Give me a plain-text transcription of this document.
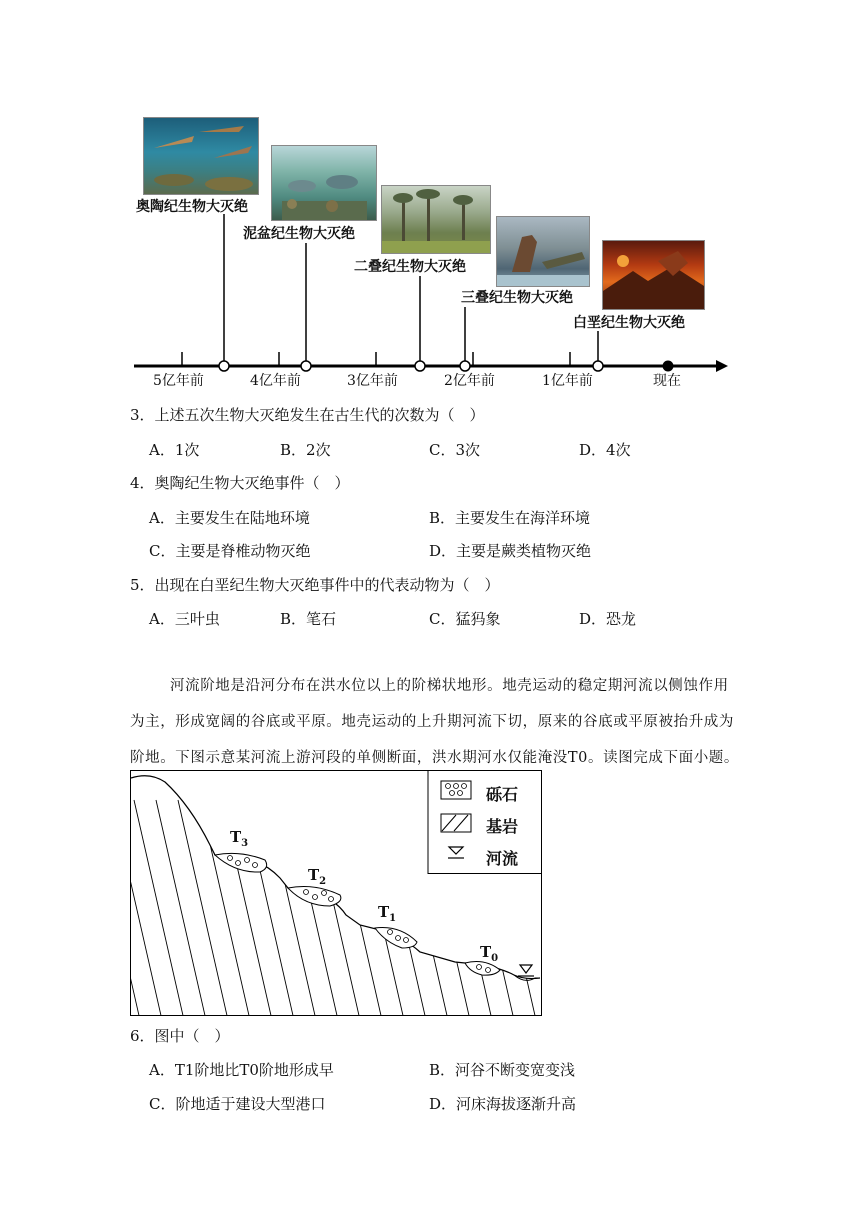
奥陶纪生物大灭绝
泥盆纪生物大灭绝
二叠纪生物大灭绝
三叠纪生物大灭绝
白垩纪生物大灭绝
5亿年前	4亿年前	3亿年前	2亿年前	1亿年前	现在
3．上述五次生物大灭绝发生在古生代的次数为（　）
A．1次	B．2次	C．3次	D．4次
4．奥陶纪生物大灭绝事件（　）
A．主要发生在陆地环境	B．主要发生在海洋环境
C．主要是脊椎动物灭绝	D．主要是蕨类植物灭绝
5．出现在白垩纪生物大灭绝事件中的代表动物为（　）
A．三叶虫	B．笔石	C．猛犸象	D．恐龙
河流阶地是沿河分布在洪水位以上的阶梯状地形。地壳运动的稳定期河流以侧蚀作用
为主，形成宽阔的谷底或平原。地壳运动的上升期河流下切，原来的谷底或平原被抬升成为
阶地。下图示意某河流上游河段的单侧断面，洪水期河水仅能淹没T0。读图完成下面小题。
砾石
基岩
河流
$T_3$
$T_2$
$T_1$
$T_0$
6．图中（　）
A．T1阶地比T0阶地形成早	B．河谷不断变宽变浅
C．阶地适于建设大型港口	D．河床海拔逐渐升高
